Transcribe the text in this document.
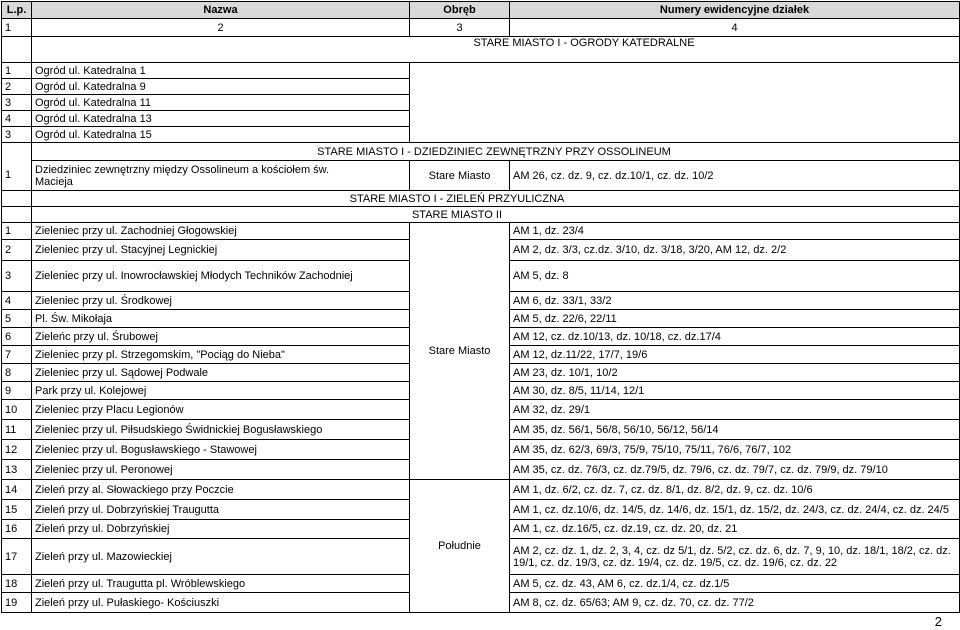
L.p.	Nazwa	Obręb	Numery ewidencyjne działek
1	2	3	4
	STARE MIASTO I - OGRODY KATEDRALNE		
1	Ogród ul. Katedralna 1		
2	Ogród ul. Katedralna 9		
3	Ogród ul. Katedralna 11		
4	Ogród ul. Katedralna 13		
3	Ogród ul. Katedralna 15		
	STARE MIASTO I - DZIEDZINIEC ZEWNĘTRZNY PRZY OSSOLINEUM		
1	Dziedziniec zewnętrzny między Ossolineum a kościołem św. Macieja	Stare Miasto	AM 26, cz. dz. 9, cz. dz.10/1, cz. dz. 10/2
	STARE MIASTO I - ZIELEŃ PRZYULICZNA		
	STARE MIASTO II		
1	Zieleniec przy ul. Zachodniej Głogowskiej	Stare Miasto	AM 1, dz. 23/4
2	Zieleniec przy ul. Stacyjnej Legnickiej		AM 2, dz. 3/3, cz.dz. 3/10, dz. 3/18, 3/20, AM 12, dz. 2/2
3	Zieleniec przy ul. Inowrocławskiej Młodych Techników Zachodniej		AM 5, dz. 8
4	Zieleniec przy ul. Środkowej		AM 6, dz. 33/1, 33/2
5	Pl. Św. Mikołaja		AM 5, dz. 22/6, 22/11
6	Zieleńc przy ul. Śrubowej		AM 12, cz. dz.10/13, dz. 10/18, cz. dz.17/4
7	Zieleniec przy pl. Strzegomskim, "Pociąg do Nieba"		AM 12, dz.11/22, 17/7, 19/6
8	Zieleniec przy ul. Sądowej Podwale		AM 23, dz. 10/1, 10/2
9	Park przy ul. Kolejowej		AM 30, dz. 8/5, 11/14, 12/1
10	Zieleniec przy Placu Legionów		AM 32, dz. 29/1
11	Zieleniec przy ul. Piłsudskiego Świdnickiej Bogusławskiego		AM 35, dz. 56/1, 56/8, 56/10, 56/12, 56/14
12	Zieleniec przy ul. Bogusławskiego - Stawowej		AM 35, dz. 62/3, 69/3, 75/9, 75/10, 75/11, 76/6, 76/7, 102
13	Zieleniec przy ul. Peronowej		AM 35, cz. dz. 76/3, cz. dz.79/5, dz. 79/6, cz. dz. 79/7, cz. dz. 79/9, dz. 79/10
14	Zieleń przy al. Słowackiego przy Poczcie	Południe	AM 1, dz. 6/2, cz. dz. 7, cz. dz. 8/1, dz. 8/2, dz. 9, cz. dz. 10/6
15	Zieleń przy ul. Dobrzyńskiej Traugutta		AM 1, cz. dz.10/6, dz. 14/5, dz. 14/6, dz. 15/1, dz. 15/2, dz. 24/3, cz. dz. 24/4, cz. dz. 24/5
16	Zieleń przy ul. Dobrzyńskiej		AM 1, cz. dz.16/5, cz. dz.19, cz. dz. 20, dz. 21
17	Zieleń przy ul. Mazowieckiej		AM 2, cz. dz. 1, dz. 2, 3, 4, cz. dz 5/1, dz. 5/2, cz. dz. 6, dz. 7, 9, 10, dz. 18/1, 18/2, cz. dz. 19/1, cz. dz. 19/3, cz. dz. 19/4, cz. dz. 19/5, cz. dz. 19/6, cz. dz. 22
18	Zieleń przy ul. Traugutta pl. Wróblewskiego		AM 5, cz. dz. 43, AM 6, cz. dz.1/4, cz. dz.1/5
19	Zieleń przy ul. Pułaskiego- Kościuszki		AM 8, cz. dz. 65/63; AM 9, cz. dz. 70, cz. dz. 77/2
2
